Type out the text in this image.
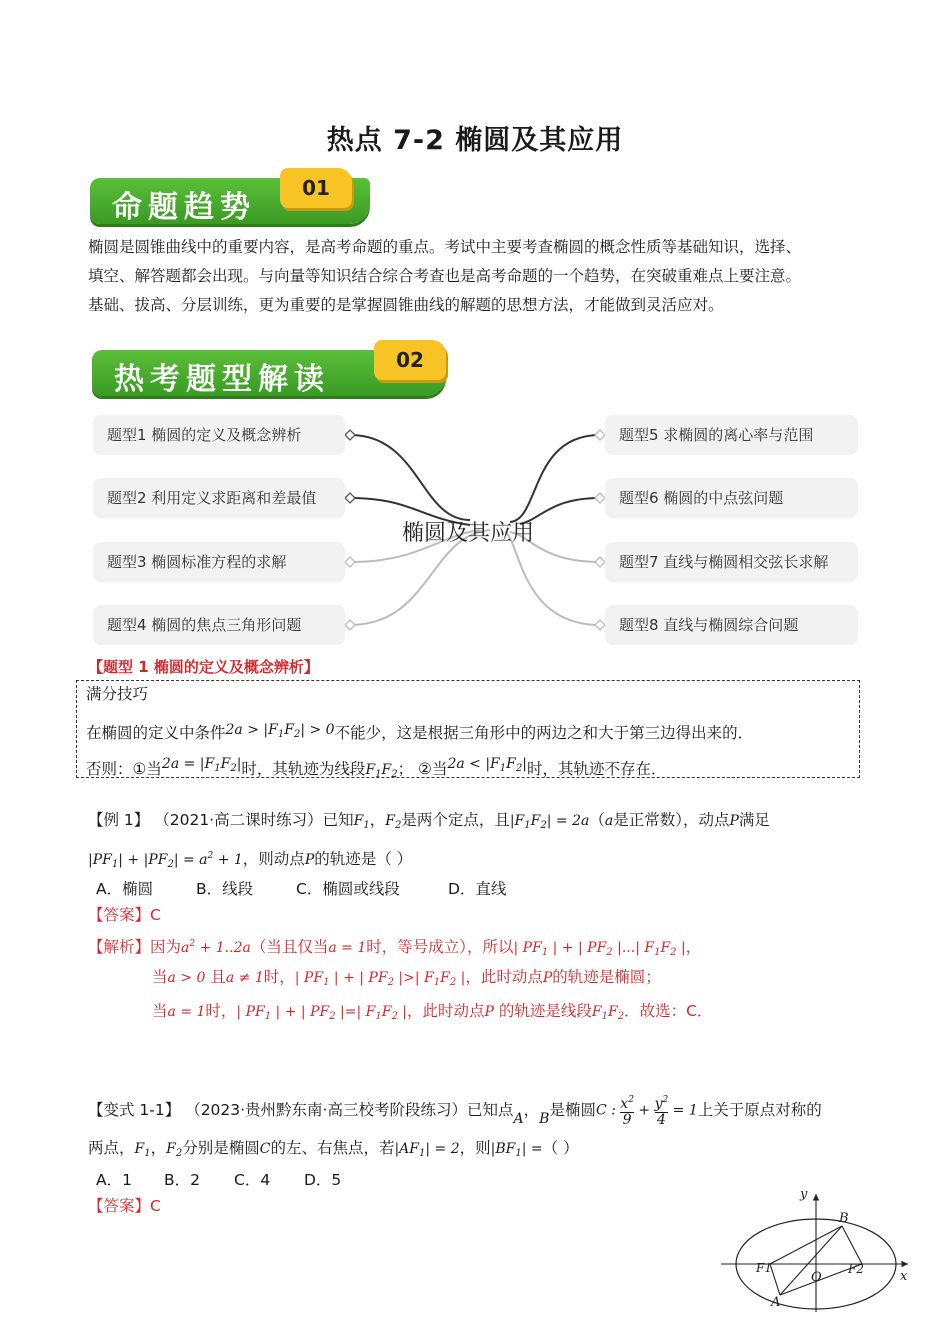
热点 7-2 椭圆及其应用
命题趋势
01
椭圆是圆锥曲线中的重要内容，是高考命题的重点。考试中主要考查椭圆的概念性质等基础知识，选择、
填空、解答题都会出现。与向量等知识结合综合考查也是高考命题的一个趋势，在突破重难点上要注意。
基础、拔高、分层训练，更为重要的是掌握圆锥曲线的解题的思想方法，才能做到灵活应对。
热考题型解读
02
题型1 椭圆的定义及概念辨析
题型2 利用定义求距离和差最值
题型3 椭圆标准方程的求解
题型4 椭圆的焦点三角形问题
题型5 求椭圆的离心率与范围
题型6 椭圆的中点弦问题
题型7 直线与椭圆相交弦长求解
题型8 直线与椭圆综合问题
椭圆及其应用
【题型 1 椭圆的定义及概念辨析】
满分技巧
在椭圆的定义中条件$2a > |F_1F_2| > 0$不能少，这是根据三角形中的两边之和大于第三边得出来的．
否则：①当$2a = |F_1F_2|$时，其轨迹为线段$F_1F_2$； ②当$2a < |F_1F_2|$时，其轨迹不存在．
【例 1】 （2021·高二课时练习）已知$F_1$，$F_2$是两个定点，且$|F_1F_2| = 2a(a$是正常数），动点P满足
$|PF_1| + |PF_2| = a^2 + 1$，则动点P的轨迹是（ ）
A．椭圆	B．线段	C．椭圆或线段	D．直线
【答案】C
【解析】因为$a^2 + 1..2a$（当且仅当a = 1时，等号成立），所以| $PF_1$ | + | $PF_2$ |...| $F_1F_2$ |，
当a > 0 且a ≠ 1时，| $PF_1$ | + | $PF_2$ |>| $F_1F_2$ |，此时动点P的轨迹是椭圆；
当a = 1时，| $PF_1$ | + | $PF_2$ |=| $F_1F_2$ |，此时动点P 的轨迹是线段$F_1F_2$．故选：C．
【变式 1-1】 （2023·贵州黔东南·高三校考阶段练习）已知点A，B是椭圆C : $\frac{x^2}{9} + \frac{y^2}{4} = 1$上关于原点对称的
两点，$F_1$，$F_2$分别是椭圆C的左、右焦点，若$|AF_1| = 2$，则$|BF_1|$ =（ ）
A．1 B．2 C．4 D．5
【答案】C
y
x
O
B
A
F1	F2
